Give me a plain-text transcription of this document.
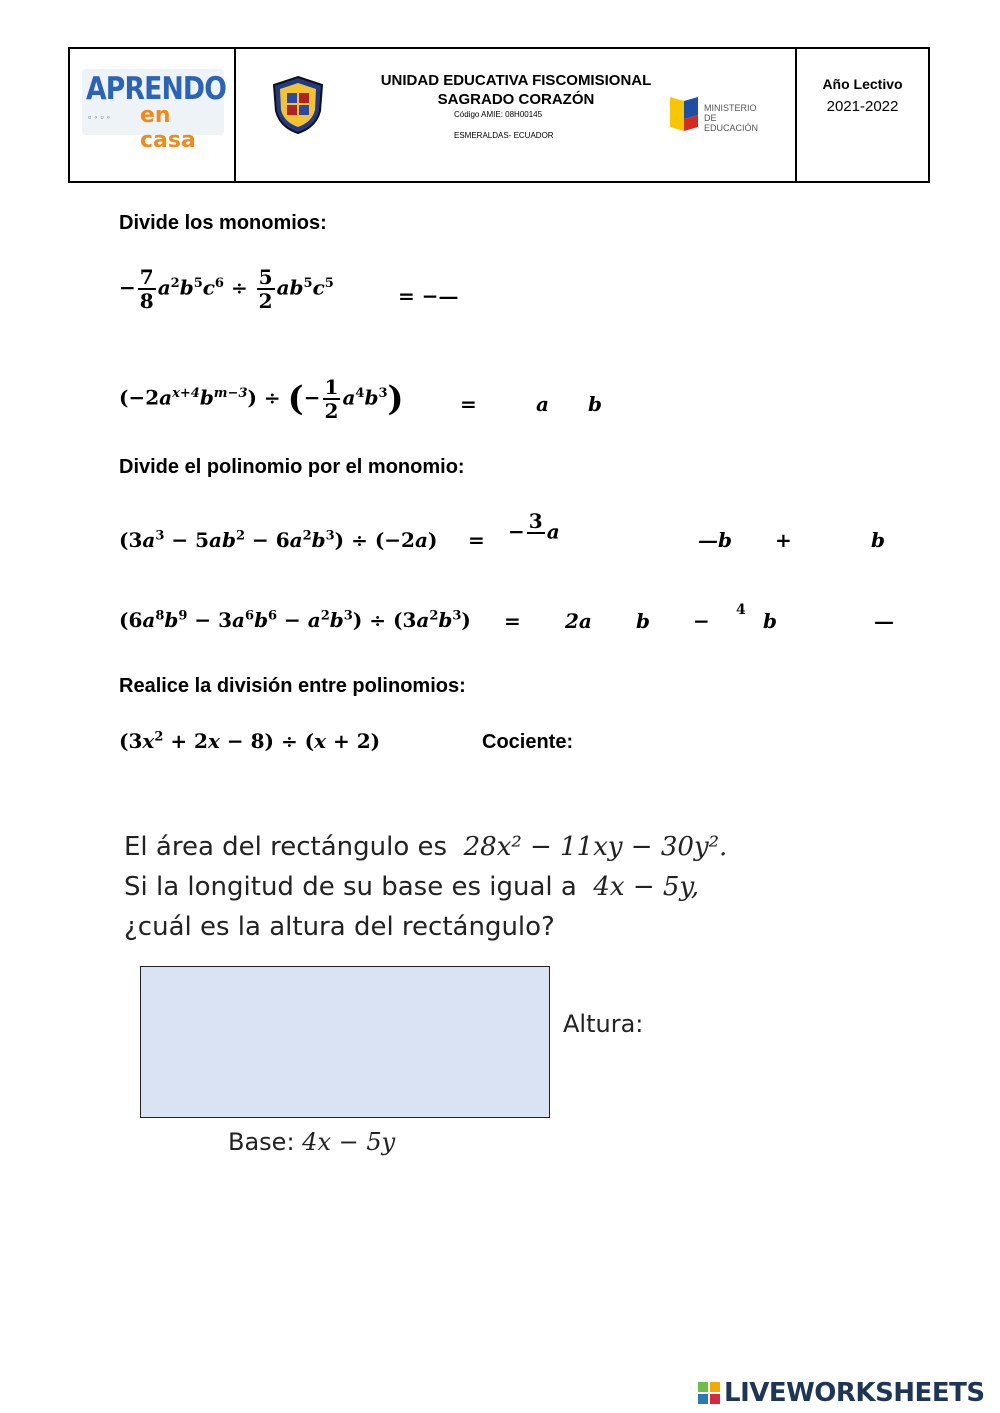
APRENDO
▫◦▫◦ en casa
UNIDAD EDUCATIVA FISCOMISIONAL
SAGRADO CORAZÓN
Código AMIE: 08H00145
ESMERALDAS- ECUADOR
MINISTERIO
DE EDUCACIÓN
Año Lectivo
2021-2022
Divide los monomios:
− $\frac{7}{8} a^2b^5c^6 \div \frac{5}{2} ab^5c^5$
= −—
$(-2a^{x+4}b^{m-3})$ ÷ (− $\frac{1}{2} a^4b^3$)	=	a b
Divide el polinomio por el monomio:
$(3a^3 - 5ab^2 - 6a^2b^3) \div (-2a)$ = − 3
a	—b +	b
$(6a^8b^9 - 3a^6b^6 - a^2b^3) \div (3a^2b^3) = 2a$ b − 4 b	—
Realice la división entre polinomios:
$(3x^2 + 2x - 8) \div (x + 2)$	Cociente:
El área del rectángulo es 28x² − 11xy − 30y².
Si la longitud de su base es igual a 4x − 5y,
¿cuál es la altura del rectángulo?
Altura:
Base: 4x − 5y
LIVEWORKSHEETS
